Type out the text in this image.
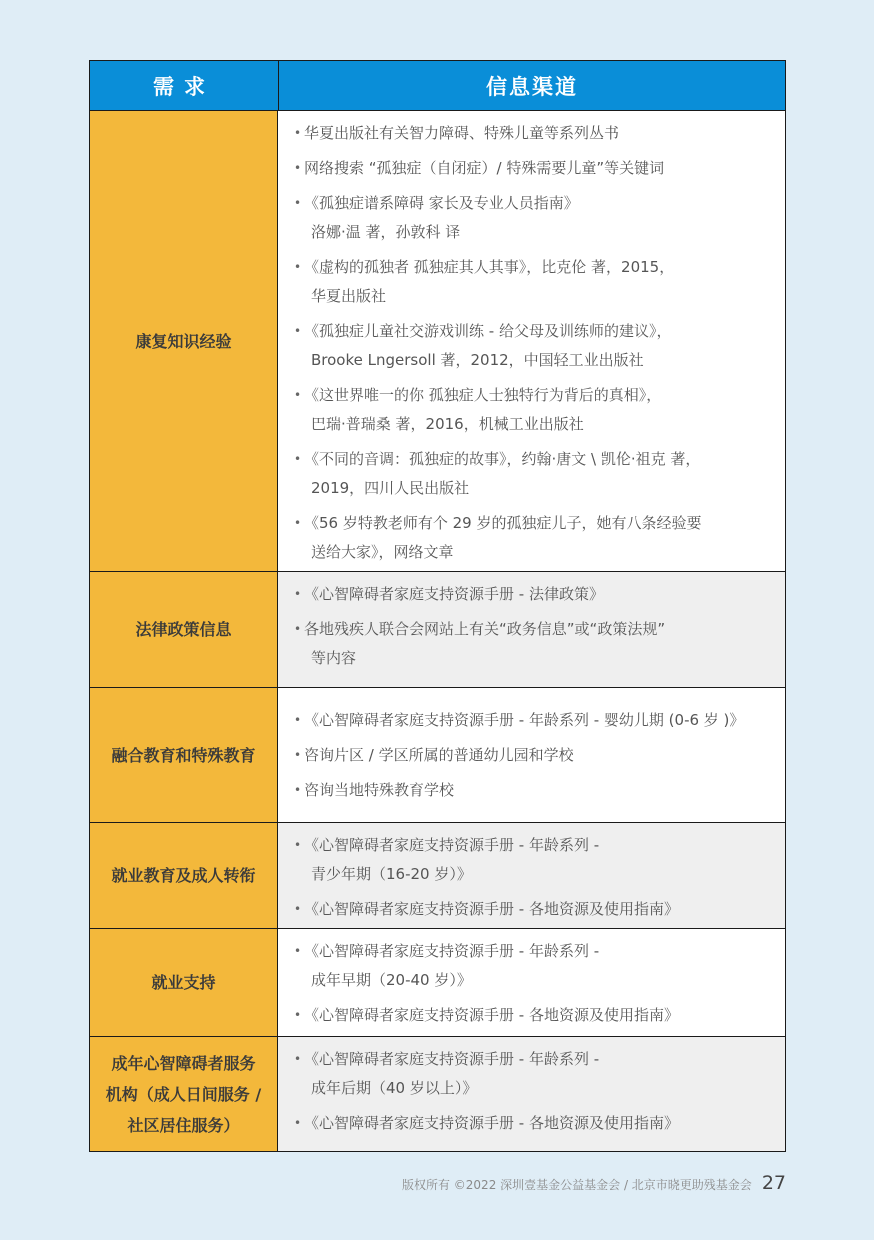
需求	信息渠道
康复知识经验
• 华夏出版社有关智力障碍、特殊儿童等系列丛书
• 网络搜索 “孤独症（自闭症）/ 特殊需要儿童”等关键词
• 《孤独症谱系障碍 家长及专业人员指南》
洛娜·温 著，孙敦科 译
• 《虚构的孤独者 孤独症其人其事》，比克伦 著，2015，
华夏出版社
• 《孤独症儿童社交游戏训练 - 给父母及训练师的建议》，
Brooke Lngersoll 著，2012，中国轻工业出版社
• 《这世界唯一的你 孤独症人士独特行为背后的真相》，
巴瑞·普瑞桑 著，2016，机械工业出版社
• 《不同的音调：孤独症的故事》，约翰·唐文 \ 凯伦·祖克 著，
2019，四川人民出版社
• 《56 岁特教老师有个 29 岁的孤独症儿子，她有八条经验要
送给大家》，网络文章
法律政策信息
• 《心智障碍者家庭支持资源手册 - 法律政策》
• 各地残疾人联合会网站上有关“政务信息”或“政策法规”
等内容
融合教育和特殊教育
• 《心智障碍者家庭支持资源手册 - 年龄系列 - 婴幼儿期 (0-6 岁 )》
• 咨询片区 / 学区所属的普通幼儿园和学校
• 咨询当地特殊教育学校
就业教育及成人转衔
• 《心智障碍者家庭支持资源手册 - 年龄系列 -
青少年期（16-20 岁）》
• 《心智障碍者家庭支持资源手册 - 各地资源及使用指南》
就业支持
• 《心智障碍者家庭支持资源手册 - 年龄系列 -
成年早期（20-40 岁）》
• 《心智障碍者家庭支持资源手册 - 各地资源及使用指南》
成年心智障碍者服务
机构（成人日间服务 /
社区居住服务）
• 《心智障碍者家庭支持资源手册 - 年龄系列 -
成年后期（40 岁以上）》
• 《心智障碍者家庭支持资源手册 - 各地资源及使用指南》
版权所有 ©2022 深圳壹基金公益基金会 / 北京市晓更助残基金会 27
